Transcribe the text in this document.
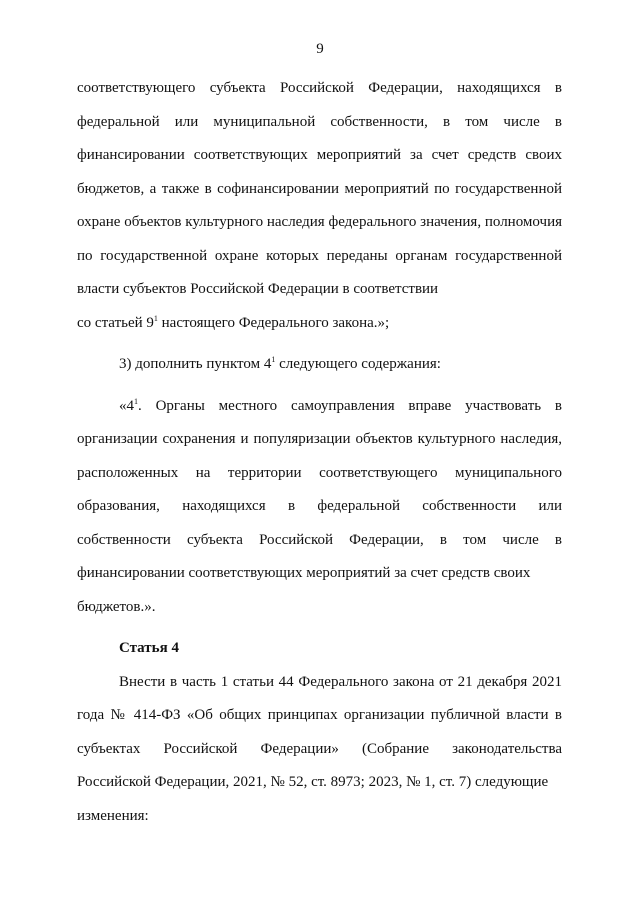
9

соответствующего субъекта Российской Федерации, находящихся в федеральной или муниципальной собственности, в том числе в финансировании соответствующих мероприятий за счет средств своих бюджетов, а также в софинансировании мероприятий по государственной охране объектов культурного наследия федерального значения, полномочия по государственной охране которых переданы органам государственной власти субъектов Российской Федерации в соответствии

со статьей $9^1$ настоящего Федерального закона.»;

3) дополнить пунктом $4^1$ следующего содержания:

«$4^1$. Органы местного самоуправления вправе участвовать в организации сохранения и популяризации объектов культурного наследия, расположенных на территории соответствующего муниципального образования, находящихся в федеральной собственности или собственности субъекта Российской Федерации, в том числе в финансировании соответствующих мероприятий за счет средств своих

бюджетов.».

Статья 4

Внести в часть 1 статьи 44 Федерального закона от 21 декабря 2021 года № 414-ФЗ «Об общих принципах организации публичной власти в субъектах Российской Федерации» (Собрание законодательства Российской Федерации, 2021, № 52, ст. 8973; 2023, № 1, ст. 7) следующие

изменения:
